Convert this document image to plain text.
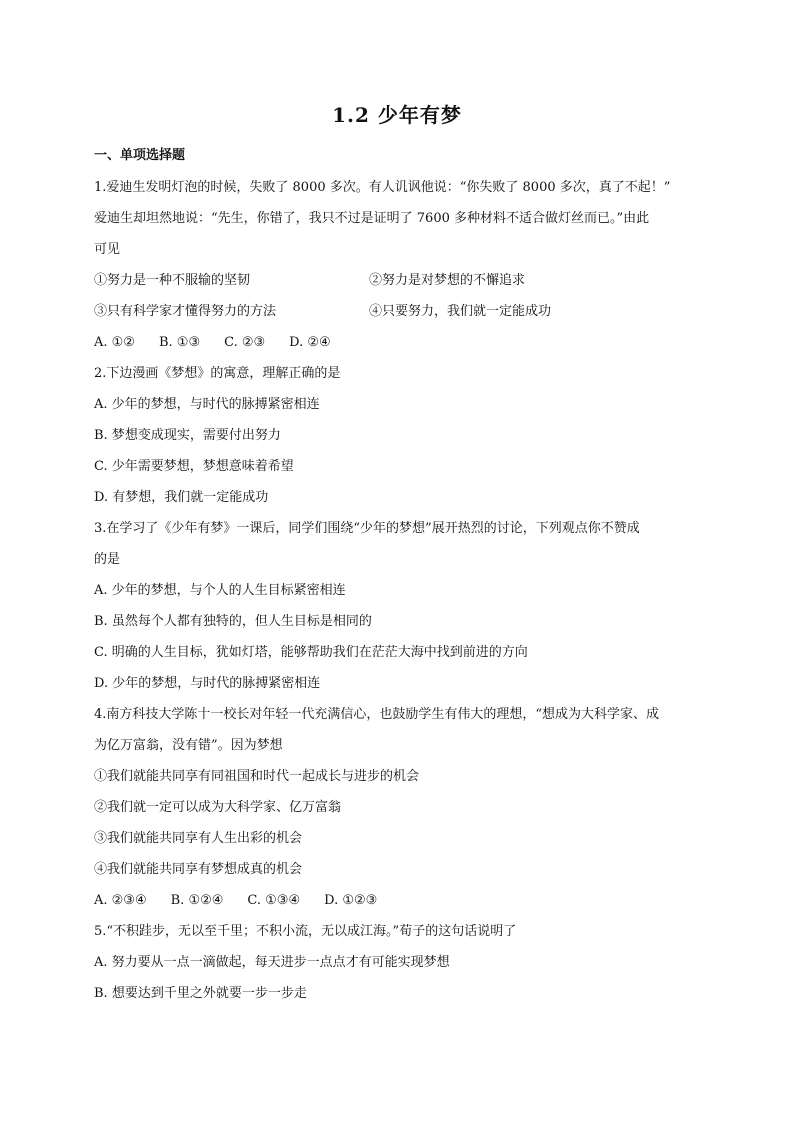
1.2 少年有梦
一、单项选择题
1.爱迪生发明灯泡的时候，失败了 8000 多次。有人讥讽他说：“你失败了 8000 多次，真了不起！”
爱迪生却坦然地说：“先生，你错了，我只不过是证明了 7600 多种材料不适合做灯丝而已。”由此
可见
①努力是一种不服输的坚韧	②努力是对梦想的不懈追求
③只有科学家才懂得努力的方法	④只要努力，我们就一定能成功
A. ①② B. ①③ C. ②③ D. ②④
2.下边漫画《梦想》的寓意，理解正确的是
A. 少年的梦想，与时代的脉搏紧密相连
B. 梦想变成现实，需要付出努力
C. 少年需要梦想，梦想意味着希望
D. 有梦想，我们就一定能成功
3.在学习了《少年有梦》一课后，同学们围绕“少年的梦想”展开热烈的讨论，下列观点你不赞成
的是
A. 少年的梦想，与个人的人生目标紧密相连
B. 虽然每个人都有独特的，但人生目标是相同的
C. 明确的人生目标，犹如灯塔，能够帮助我们在茫茫大海中找到前进的方向
D. 少年的梦想，与时代的脉搏紧密相连
4.南方科技大学陈十一校长对年轻一代充满信心，也鼓励学生有伟大的理想，“想成为大科学家、成
为亿万富翁，没有错”。因为梦想
①我们就能共同享有同祖国和时代一起成长与进步的机会
②我们就一定可以成为大科学家、亿万富翁
③我们就能共同享有人生出彩的机会
④我们就能共同享有梦想成真的机会
A. ②③④ B. ①②④ C. ①③④ D. ①②③
5.“不积跬步，无以至千里；不积小流，无以成江海。”荀子的这句话说明了
A. 努力要从一点一滴做起，每天进步一点点才有可能实现梦想
B. 想要达到千里之外就要一步一步走
